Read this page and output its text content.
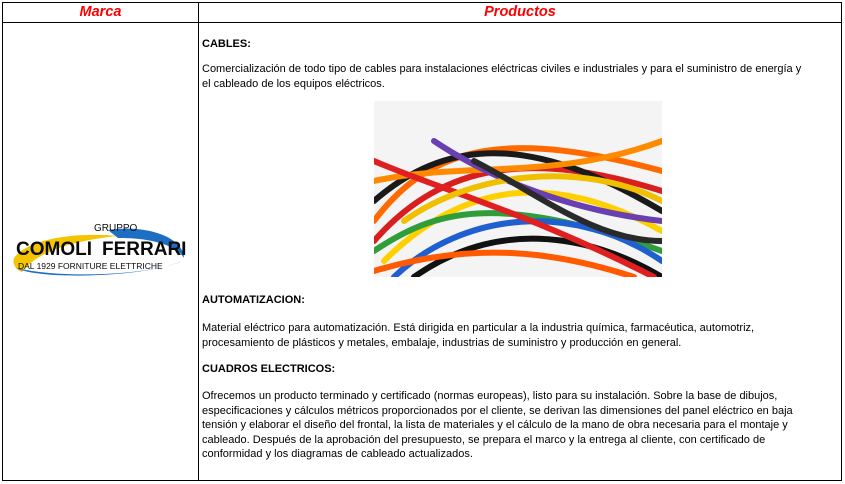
Marca	Productos
GRUPPO
COMOLI FERRARI
DAL 1929 FORNITURE ELETTRICHE
CABLES:
Comercialización de todo tipo de cables para instalaciones eléctricas civiles e industriales y para el suministro de energía y el cableado de los equipos eléctricos.
AUTOMATIZACION:
Material eléctrico para automatización. Está dirigida en particular a la industria química, farmacéutica, automotriz, procesamiento de plásticos y metales, embalaje, industrias de suministro y producción en general.
CUADROS ELECTRICOS:
Ofrecemos un producto terminado y certificado (normas europeas), listo para su instalación. Sobre la base de dibujos, especificaciones y cálculos métricos proporcionados por el cliente, se derivan las dimensiones del panel eléctrico en baja tensión y elaborar el diseño del frontal, la lista de materiales y el cálculo de la mano de obra necesaria para el montaje y cableado. Después de la aprobación del presupuesto, se prepara el marco y la entrega al cliente, con certificado de conformidad y los diagramas de cableado actualizados.
